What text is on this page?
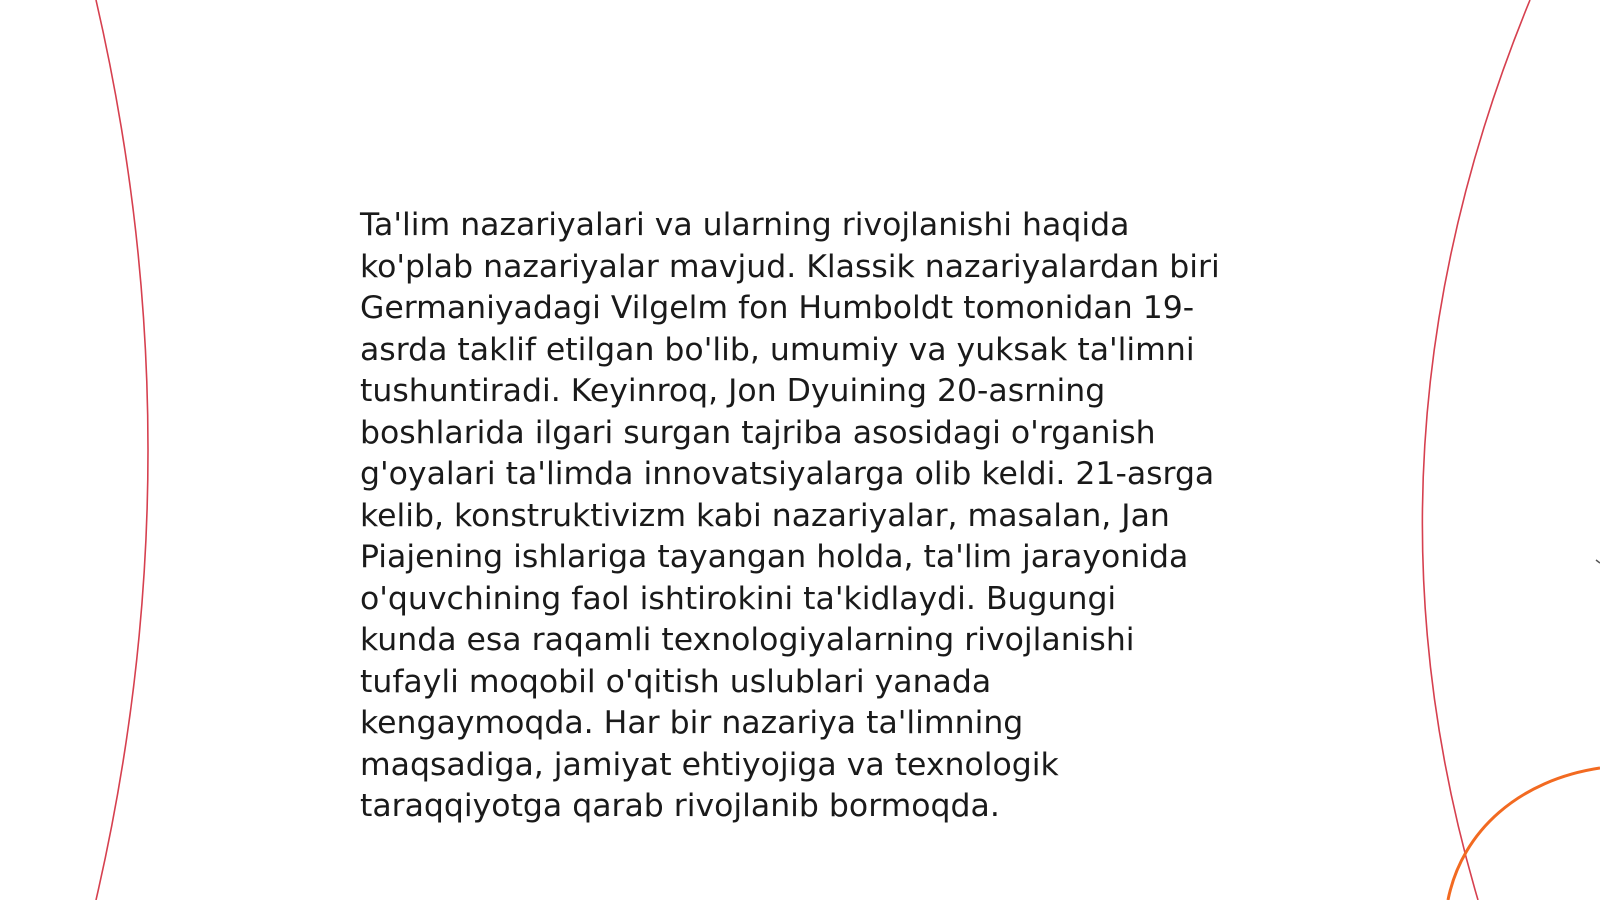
Ta'lim nazariyalari va ularning rivojlanishi haqida
ko'plab nazariyalar mavjud. Klassik nazariyalardan biri
Germaniyadagi Vilgelm fon Humboldt tomonidan 19-
asrda taklif etilgan bo'lib, umumiy va yuksak ta'limni
tushuntiradi. Keyinroq, Jon Dyuining 20-asrning
boshlarida ilgari surgan tajriba asosidagi o'rganish
g'oyalari ta'limda innovatsiyalarga olib keldi. 21-asrga
kelib, konstruktivizm kabi nazariyalar, masalan, Jan
Piajening ishlariga tayangan holda, ta'lim jarayonida
o'quvchining faol ishtirokini ta'kidlaydi. Bugungi
kunda esa raqamli texnologiyalarning rivojlanishi
tufayli moqobil o'qitish uslublari yanada
kengaymoqda. Har bir nazariya ta'limning
maqsadiga, jamiyat ehtiyojiga va texnologik
taraqqiyotga qarab rivojlanib bormoqda.
